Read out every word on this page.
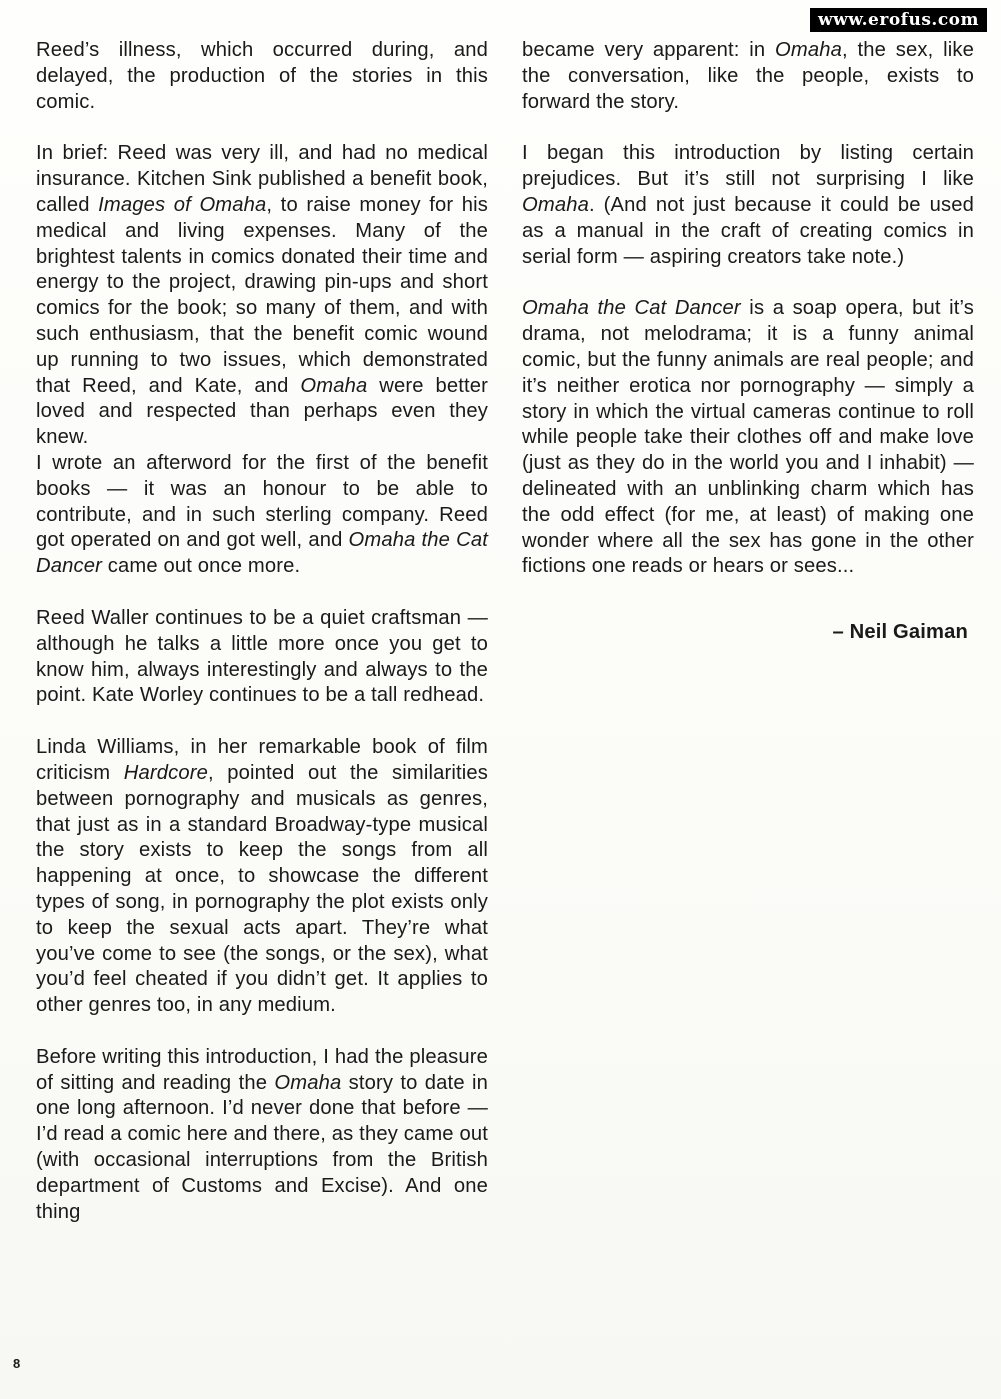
www.erofus.com

Reed’s illness, which occurred during, and delayed, the production of the stories in this comic.

In brief: Reed was very ill, and had no medical insurance. Kitchen Sink published a benefit book, called Images of Omaha, to raise money for his medical and living expenses. Many of the brightest talents in comics donated their time and energy to the project, drawing pin-ups and short comics for the book; so many of them, and with such enthusiasm, that the benefit comic wound up running to two issues, which demonstrated that Reed, and Kate, and Omaha were better loved and respected than perhaps even they knew.

I wrote an afterword for the first of the benefit books — it was an honour to be able to contribute, and in such sterling company. Reed got operated on and got well, and Omaha the Cat Dancer came out once more.

Reed Waller continues to be a quiet craftsman — although he talks a little more once you get to know him, always interestingly and always to the point. Kate Worley continues to be a tall redhead.

Linda Williams, in her remarkable book of film criticism Hardcore, pointed out the similarities between pornography and musicals as genres, that just as in a standard Broadway-type musical the story exists to keep the songs from all happening at once, to showcase the different types of song, in pornography the plot exists only to keep the sexual acts apart. They’re what you’ve come to see (the songs, or the sex), what you’d feel cheated if you didn’t get. It applies to other genres too, in any medium.

Before writing this introduction, I had the pleasure of sitting and reading the Omaha story to date in one long afternoon. I’d never done that before — I’d read a comic here and there, as they came out (with occasional interruptions from the British department of Customs and Excise). And one thing

became very apparent: in Omaha, the sex, like the conversation, like the people, exists to forward the story.

I began this introduction by listing certain prejudices. But it’s still not surprising I like Omaha. (And not just because it could be used as a manual in the craft of creating comics in serial form — aspiring creators take note.)

Omaha the Cat Dancer is a soap opera, but it’s drama, not melodrama; it is a funny animal comic, but the funny animals are real people; and it’s neither erotica nor pornography — simply a story in which the virtual cameras continue to roll while people take their clothes off and make love (just as they do in the world you and I inhabit) — delineated with an unblinking charm which has the odd effect (for me, at least) of making one wonder where all the sex has gone in the other fictions one reads or hears or sees...

– Neil Gaiman
8
